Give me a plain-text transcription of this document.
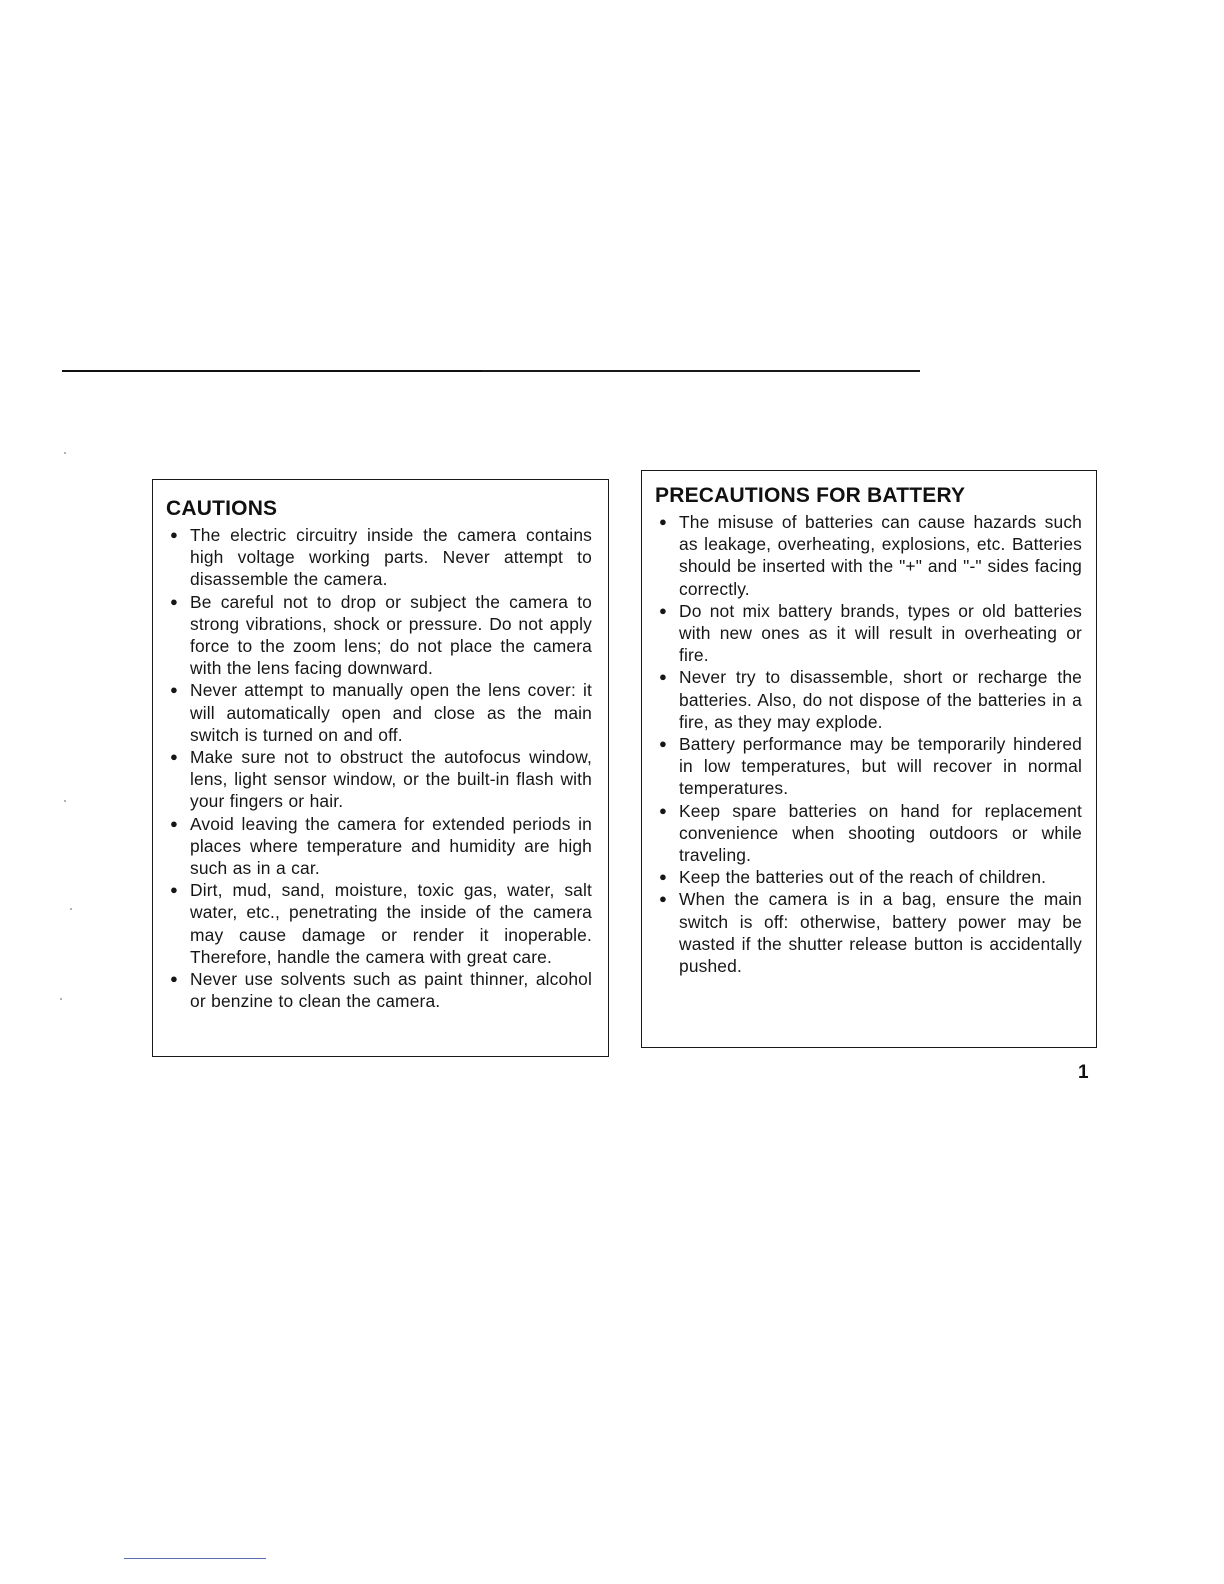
CAUTIONS
● The electric circuitry inside the camera contains high voltage working parts. Never attempt to disassemble the camera.
● Be careful not to drop or subject the camera to strong vibrations, shock or pressure. Do not apply force to the zoom lens; do not place the camera with the lens facing downward.
● Never attempt to manually open the lens cover: it will automatically open and close as the main switch is turned on and off.
● Make sure not to obstruct the autofocus window, lens, light sensor window, or the built-in flash with your fingers or hair.
● Avoid leaving the camera for extended periods in places where temperature and humidity are high such as in a car.
● Dirt, mud, sand, moisture, toxic gas, water, salt water, etc., penetrating the inside of the camera may cause damage or render it inoperable. Therefore, handle the camera with great care.
● Never use solvents such as paint thinner, alcohol or benzine to clean the camera.
PRECAUTIONS FOR BATTERY
● The misuse of batteries can cause hazards such as leakage, overheating, explosions, etc. Batteries should be inserted with the "+" and "-" sides facing correctly.
● Do not mix battery brands, types or old batteries with new ones as it will result in overheating or fire.
● Never try to disassemble, short or recharge the batteries. Also, do not dispose of the batteries in a fire, as they may explode.
● Battery performance may be temporarily hindered in low temperatures, but will recover in normal temperatures.
● Keep spare batteries on hand for replacement convenience when shooting outdoors or while traveling.
● Keep the batteries out of the reach of children.
● When the camera is in a bag, ensure the main switch is off: otherwise, battery power may be wasted if the shutter release button is accidentally pushed.
1
